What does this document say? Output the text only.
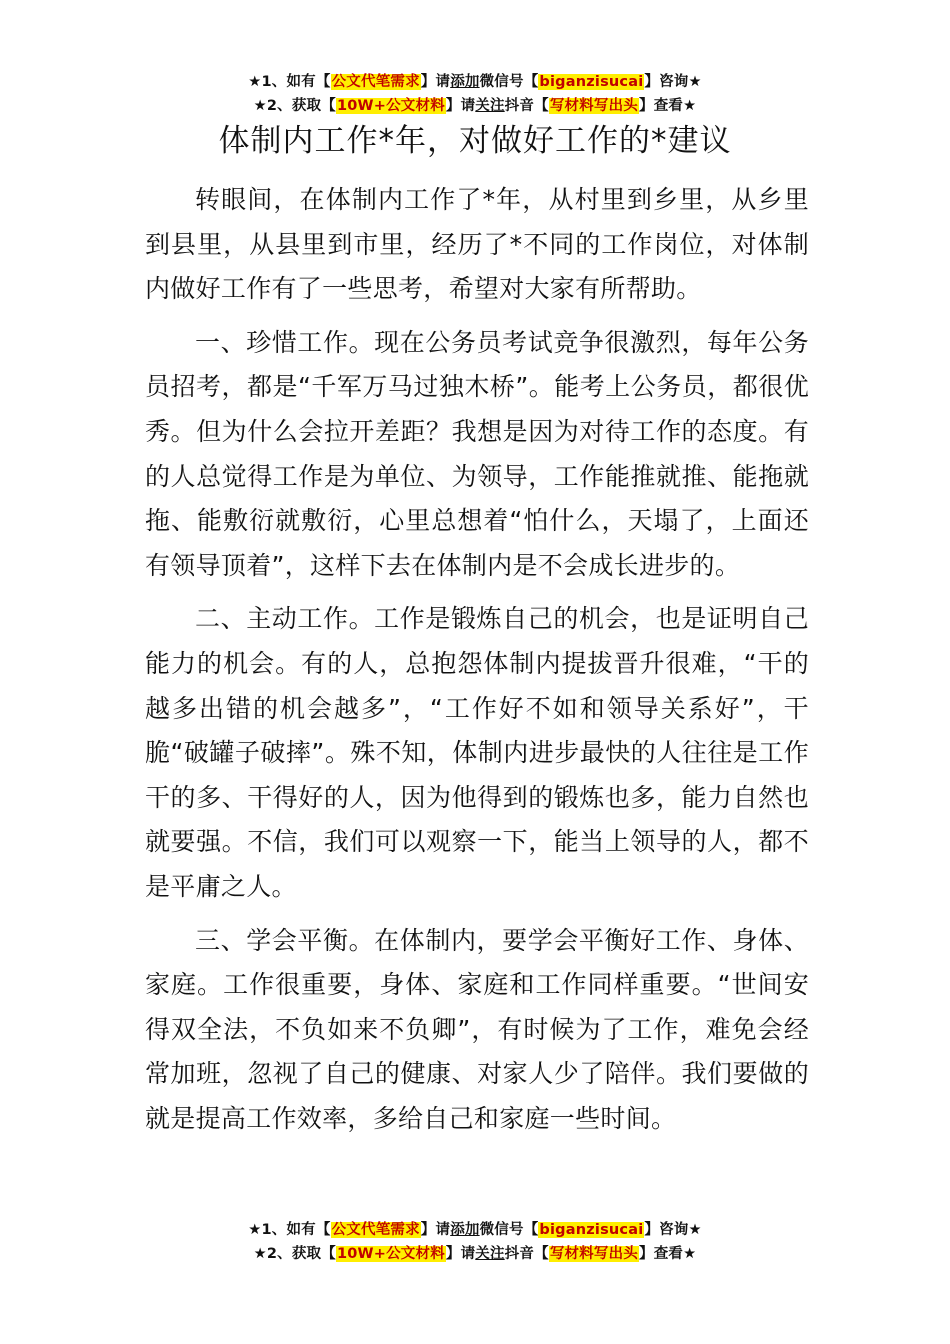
★1、如有【公文代笔需求】请添加微信号【biganzisucai】咨询★
★2、获取【10W+公文材料】请关注抖音【写材料写出头】查看★
体制内工作*年，对做好工作的*建议

转眼间，在体制内工作了*年，从村里到乡里，从乡里到县里，从县里到市里，经历了*不同的工作岗位，对体制内做好工作有了一些思考，希望对大家有所帮助。

一、珍惜工作。现在公务员考试竞争很激烈，每年公务员招考，都是“千军万马过独木桥”。能考上公务员，都很优秀。但为什么会拉开差距？我想是因为对待工作的态度。有的人总觉得工作是为单位、为领导，工作能推就推、能拖就拖、能敷衍就敷衍，心里总想着“怕什么，天塌了，上面还有领导顶着”，这样下去在体制内是不会成长进步的。

二、主动工作。工作是锻炼自己的机会，也是证明自己能力的机会。有的人，总抱怨体制内提拔晋升很难，“干的越多出错的机会越多”，“工作好不如和领导关系好”，干脆“破罐子破摔”。殊不知，体制内进步最快的人往往是工作干的多、干得好的人，因为他得到的锻炼也多，能力自然也就要强。不信，我们可以观察一下，能当上领导的人，都不是平庸之人。

三、学会平衡。在体制内，要学会平衡好工作、身体、家庭。工作很重要，身体、家庭和工作同样重要。“世间安得双全法，不负如来不负卿”，有时候为了工作，难免会经常加班，忽视了自己的健康、对家人少了陪伴。我们要做的就是提高工作效率，多给自己和家庭一些时间。

★1、如有【公文代笔需求】请添加微信号【biganzisucai】咨询★
★2、获取【10W+公文材料】请关注抖音【写材料写出头】查看★
